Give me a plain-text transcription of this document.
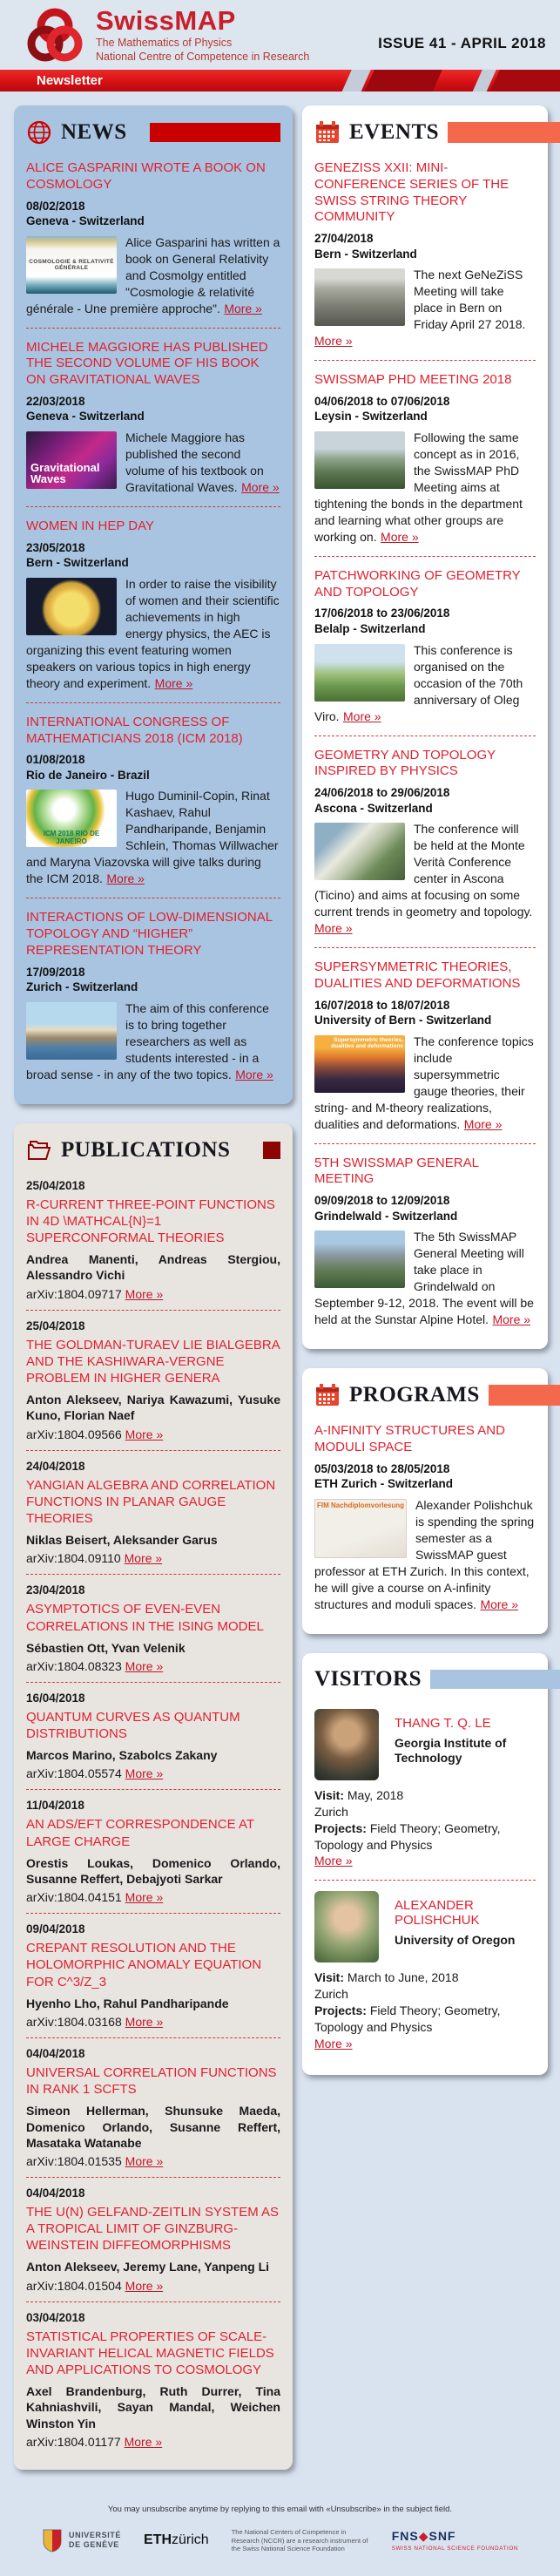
SwissMAP
The Mathematics of Physics
National Centre of Competence in Research
ISSUE 41 - APRIL 2018
Newsletter
NEWS
ALICE GASPARINI WROTE A BOOK ON COSMOLOGY
08/02/2018
Geneva - Switzerland
COSMOLOGIE & RELATIVITÉ GÉNÉRALE
Alice Gasparini has written a book on General Relativity and Cosmolgy entitled "Cosmologie & relativité générale - Une première approche". More »
MICHELE MAGGIORE HAS PUBLISHED THE SECOND VOLUME OF HIS BOOK ON GRAVITATIONAL WAVES
22/03/2018
Geneva - Switzerland
Gravitational Waves
Michele Maggiore has published the second volume of his textbook on Gravitational Waves. More »
WOMEN IN HEP DAY
23/05/2018
Bern - Switzerland
In order to raise the visibility of women and their scientific achievements in high energy physics, the AEC is organizing this event featuring women speakers on various topics in high energy theory and experiment. More »
INTERNATIONAL CONGRESS OF MATHEMATICIANS 2018 (ICM 2018)
01/08/2018
Rio de Janeiro - Brazil
ICM 2018 RIO DE JANEIRO
Hugo Duminil-Copin, Rinat Kashaev, Rahul Pandharipande, Benjamin Schlein, Thomas Willwacher and Maryna Viazovska will give talks during the ICM 2018. More »
INTERACTIONS OF LOW-DIMENSIONAL TOPOLOGY AND “HIGHER” REPRESENTATION THEORY
17/09/2018
Zurich - Switzerland
The aim of this conference is to bring together researchers as well as students interested - in a broad sense - in any of the two topics. More »
PUBLICATIONS
25/04/2018
R-CURRENT THREE-POINT FUNCTIONS IN 4D \MATHCAL{N}=1 SUPERCONFORMAL THEORIES
Andrea Manenti, Andreas Stergiou, Alessandro Vichi
arXiv:1804.09717 More »
25/04/2018
THE GOLDMAN-TURAEV LIE BIALGEBRA AND THE KASHIWARA-VERGNE PROBLEM IN HIGHER GENERA
Anton Alekseev, Nariya Kawazumi, Yusuke Kuno, Florian Naef
arXiv:1804.09566 More »
24/04/2018
YANGIAN ALGEBRA AND CORRELATION FUNCTIONS IN PLANAR GAUGE THEORIES
Niklas Beisert, Aleksander Garus
arXiv:1804.09110 More »
23/04/2018
ASYMPTOTICS OF EVEN-EVEN CORRELATIONS IN THE ISING MODEL
Sébastien Ott, Yvan Velenik
arXiv:1804.08323 More »
16/04/2018
QUANTUM CURVES AS QUANTUM DISTRIBUTIONS
Marcos Marino, Szabolcs Zakany
arXiv:1804.05574 More »
11/04/2018
AN ADS/EFT CORRESPONDENCE AT LARGE CHARGE
Orestis Loukas, Domenico Orlando, Susanne Reffert, Debajyoti Sarkar
arXiv:1804.04151 More »
09/04/2018
CREPANT RESOLUTION AND THE HOLOMORPHIC ANOMALY EQUATION FOR C^3/Z_3
Hyenho Lho, Rahul Pandharipande
arXiv:1804.03168 More »
04/04/2018
UNIVERSAL CORRELATION FUNCTIONS IN RANK 1 SCFTS
Simeon Hellerman, Shunsuke Maeda, Domenico Orlando, Susanne Reffert, Masataka Watanabe
arXiv:1804.01535 More »
04/04/2018
THE U(N) GELFAND-ZEITLIN SYSTEM AS A TROPICAL LIMIT OF GINZBURG-WEINSTEIN DIFFEOMORPHISMS
Anton Alekseev, Jeremy Lane, Yanpeng Li
arXiv:1804.01504 More »
03/04/2018
STATISTICAL PROPERTIES OF SCALE-INVARIANT HELICAL MAGNETIC FIELDS AND APPLICATIONS TO COSMOLOGY
Axel Brandenburg, Ruth Durrer, Tina Kahniashvili, Sayan Mandal, Weichen Winston Yin
arXiv:1804.01177 More »
EVENTS
GENEZISS XXII: MINI-CONFERENCE SERIES OF THE SWISS STRING THEORY COMMUNITY
27/04/2018
Bern - Switzerland
The next GeNeZiSS Meeting will take place in Bern on Friday April 27 2018. More »
SWISSMAP PHD MEETING 2018
04/06/2018 to 07/06/2018
Leysin - Switzerland
Following the same concept as in 2016, the SwissMAP PhD Meeting aims at tightening the bonds in the department and learning what other groups are working on. More »
PATCHWORKING OF GEOMETRY AND TOPOLOGY
17/06/2018 to 23/06/2018
Belalp - Switzerland
This conference is organised on the occasion of the 70th anniversary of Oleg Viro. More »
GEOMETRY AND TOPOLOGY INSPIRED BY PHYSICS
24/06/2018 to 29/06/2018
Ascona - Switzerland
The conference will be held at the Monte Verità Conference center in Ascona (Ticino) and aims at focusing on some current trends in geometry and topology. More »
SUPERSYMMETRIC THEORIES, DUALITIES AND DEFORMATIONS
16/07/2018 to 18/07/2018
University of Bern - Switzerland
Supersymmetric theories, dualities and deformations The conference topics include supersymmetric gauge theories, their string- and M-theory realizations, dualities and deformations. More »
5TH SWISSMAP GENERAL MEETING
09/09/2018 to 12/09/2018
Grindelwald - Switzerland
The 5th SwissMAP General Meeting will take place in Grindelwald on September 9-12, 2018. The event will be held at the Sunstar Alpine Hotel. More »
PROGRAMS
A-INFINITY STRUCTURES AND MODULI SPACE
05/03/2018 to 28/05/2018
ETH Zurich - Switzerland
FIM Nachdiplomvorlesung Alexander Polishchuk is spending the spring semester as a SwissMAP guest professor at ETH Zurich. In this context, he will give a course on A-infinity structures and moduli spaces. More »
VISITORS
THANG T. Q. LE
Georgia Institute of Technology
Visit: May, 2018
Zurich
Projects: Field Theory; Geometry, Topology and Physics
More »
ALEXANDER POLISHCHUK
University of Oregon
Visit: March to June, 2018
Zurich
Projects: Field Theory; Geometry, Topology and Physics
More »
You may unsubscribe anytime by replying to this email with «Unsubscribe» in the subject field.
UNIVERSITÉ
DE GENÈVE ETHzürich
The National Centers of Competence in Research (NCCR) are a research instrument of the Swiss National Science Foundation
FNS◆SNF
SWISS NATIONAL SCIENCE FOUNDATION
